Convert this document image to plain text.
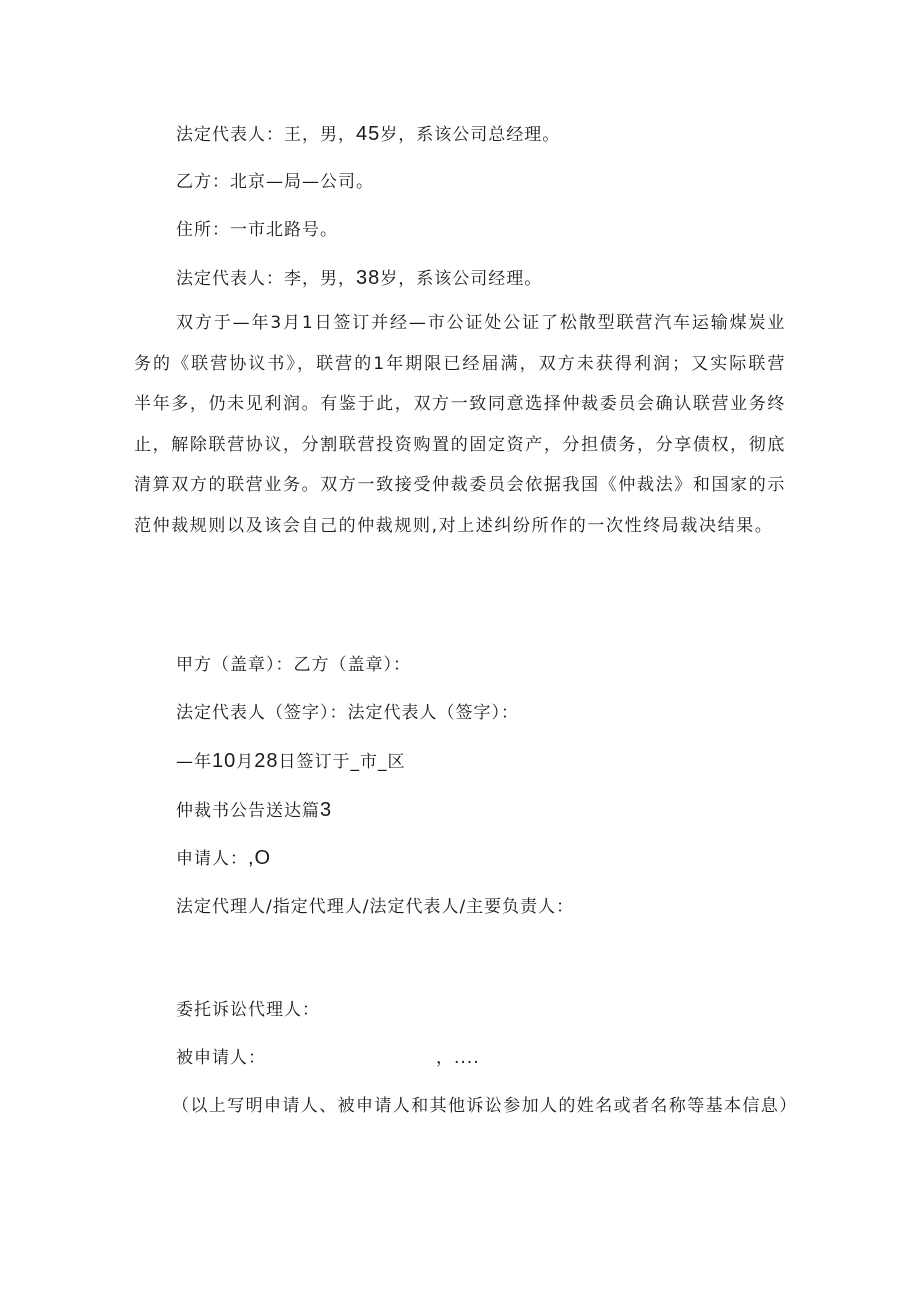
法定代表人：王，男，45岁，系该公司总经理。
乙方：北京—局—公司。
住所：一市北路号。
法定代表人：李，男，38岁，系该公司经理。
双方于—年3月1日签订并经—市公证处公证了松散型联营汽车运输煤炭业务的《联营协议书》，联营的1年期限已经届满，双方未获得利润；又实际联营半年多，仍未见利润。有鉴于此，双方一致同意选择仲裁委员会确认联营业务终止，解除联营协议，分割联营投资购置的固定资产，分担债务，分享债权，彻底清算双方的联营业务。双方一致接受仲裁委员会依据我国《仲裁法》和国家的示范仲裁规则以及该会自己的仲裁规则,对上述纠纷所作的一次性终局裁决结果。
甲方（盖章）：乙方（盖章）：
法定代表人（签字）：法定代表人（签字）：
—年10月28日签订于_市_区
仲裁书公告送达篇3
申请人：,O
法定代理人/指定代理人/法定代表人/主要负责人：
委托诉讼代理人：
被申请人：	，....
（以上写明申请人、被申请人和其他诉讼参加人的姓名或者名称等基本信息）
